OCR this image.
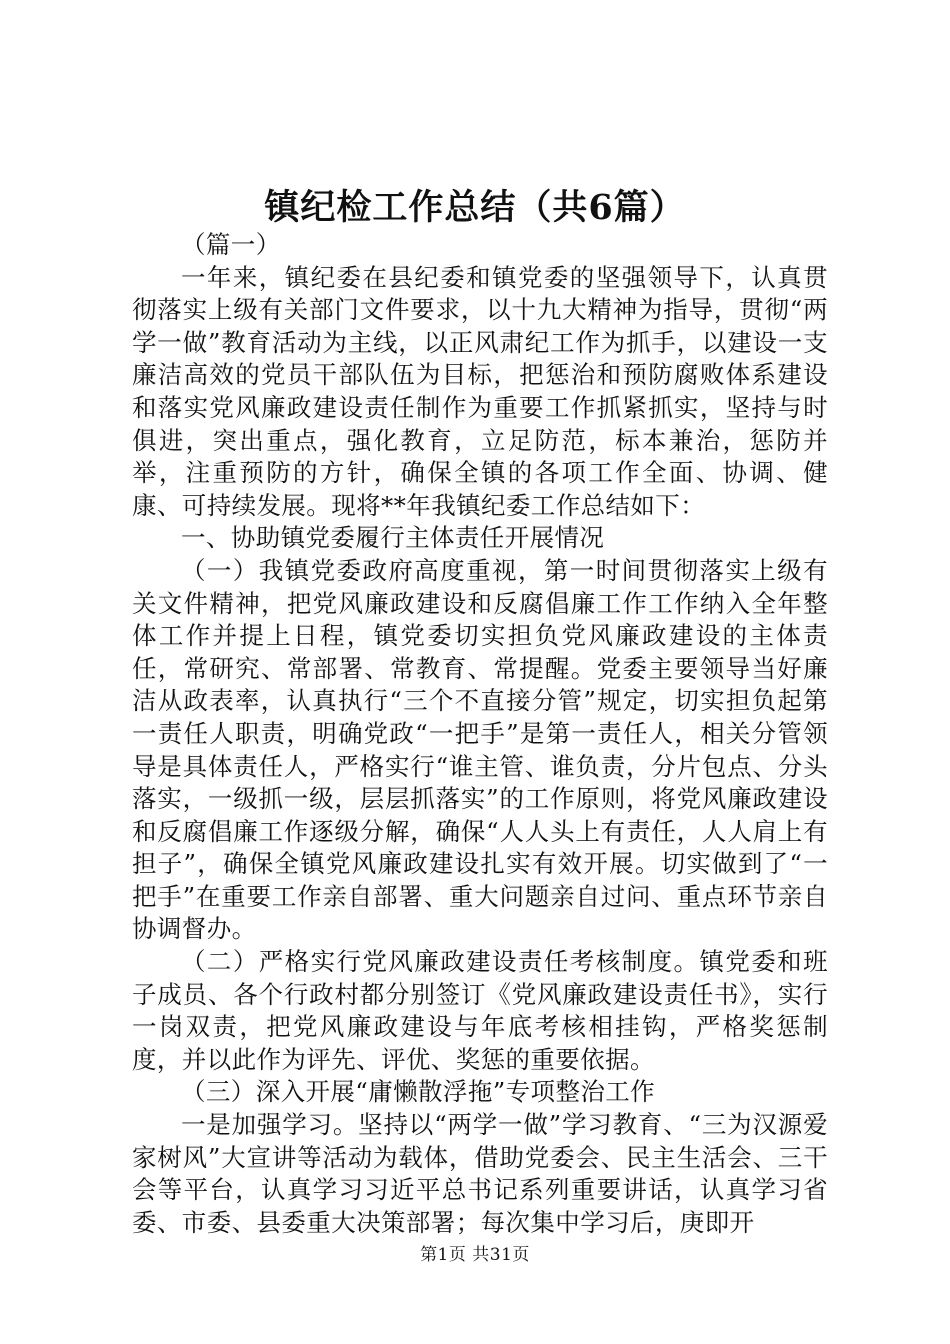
镇纪检工作总结（共6篇）

（篇一）

一年来，镇纪委在县纪委和镇党委的坚强领导下，认真贯彻落实上级有关部门文件要求，以十九大精神为指导，贯彻“两学一做”教育活动为主线，以正风肃纪工作为抓手，以建设一支廉洁高效的党员干部队伍为目标，把惩治和预防腐败体系建设和落实党风廉政建设责任制作为重要工作抓紧抓实，坚持与时俱进，突出重点，强化教育，立足防范，标本兼治，惩防并举，注重预防的方针，确保全镇的各项工作全面、协调、健康、可持续发展。现将**年我镇纪委工作总结如下：

一、协助镇党委履行主体责任开展情况

（一）我镇党委政府高度重视，第一时间贯彻落实上级有关文件精神，把党风廉政建设和反腐倡廉工作工作纳入全年整体工作并提上日程，镇党委切实担负党风廉政建设的主体责任，常研究、常部署、常教育、常提醒。党委主要领导当好廉洁从政表率，认真执行“三个不直接分管”规定，切实担负起第一责任人职责，明确党政“一把手”是第一责任人，相关分管领导是具体责任人，严格实行“谁主管、谁负责，分片包点、分头落实，一级抓一级，层层抓落实”的工作原则，将党风廉政建设和反腐倡廉工作逐级分解，确保“人人头上有责任，人人肩上有担子”，确保全镇党风廉政建设扎实有效开展。切实做到了“一把手”在重要工作亲自部署、重大问题亲自过问、重点环节亲自协调督办。

（二）严格实行党风廉政建设责任考核制度。镇党委和班子成员、各个行政村都分别签订《党风廉政建设责任书》，实行一岗双责，把党风廉政建设与年底考核相挂钩，严格奖惩制度，并以此作为评先、评优、奖惩的重要依据。

（三）深入开展“庸懒散浮拖”专项整治工作

一是加强学习。坚持以“两学一做”学习教育、“三为汉源爱家树风”大宣讲等活动为载体，借助党委会、民主生活会、三干会等平台，认真学习习近平总书记系列重要讲话，认真学习省委、市委、县委重大决策部署；每次集中学习后，庚即开

第1页 共31页
